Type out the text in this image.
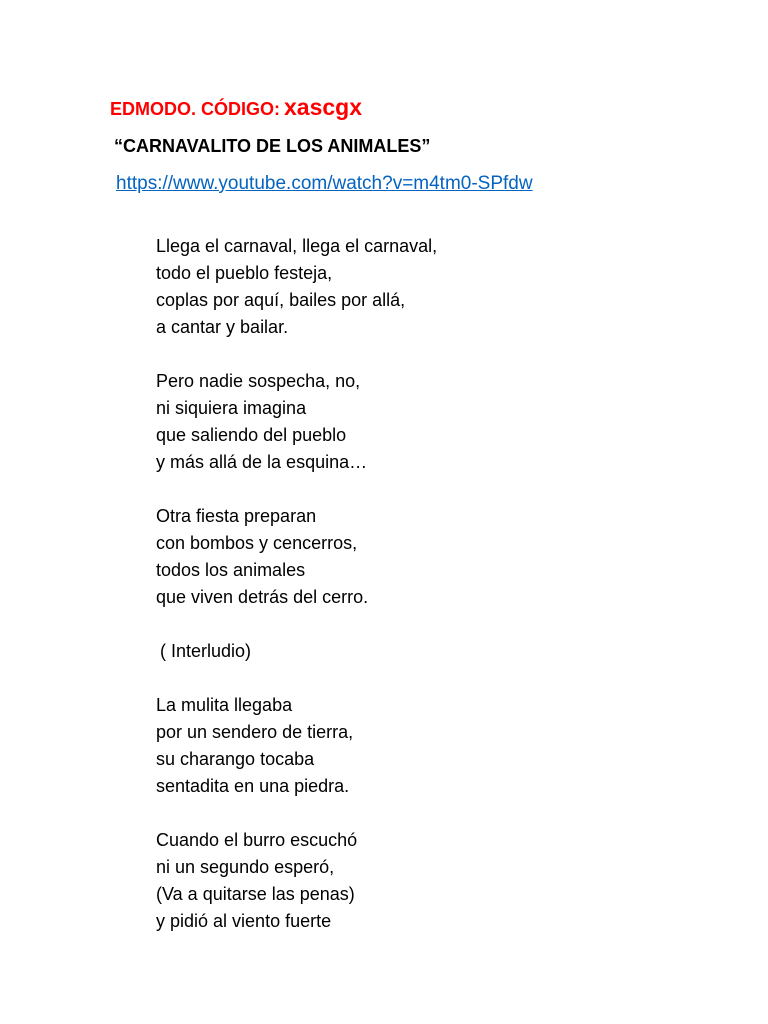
EDMODO. CÓDIGO: xascgx
“CARNAVALITO DE LOS ANIMALES”
https://www.youtube.com/watch?v=m4tm0-SPfdw
Llega el carnaval, llega el carnaval,
todo el pueblo festeja,
coplas por aquí, bailes por allá,
a cantar y bailar.
Pero nadie sospecha, no,
ni siquiera imagina
que saliendo del pueblo
y más allá de la esquina…
Otra fiesta preparan
con bombos y cencerros,
todos los animales
que viven detrás del cerro.
( Interludio)
La mulita llegaba
por un sendero de tierra,
su charango tocaba
sentadita en una piedra.
Cuando el burro escuchó
ni un segundo esperó,
(Va a quitarse las penas)
y pidió al viento fuerte
